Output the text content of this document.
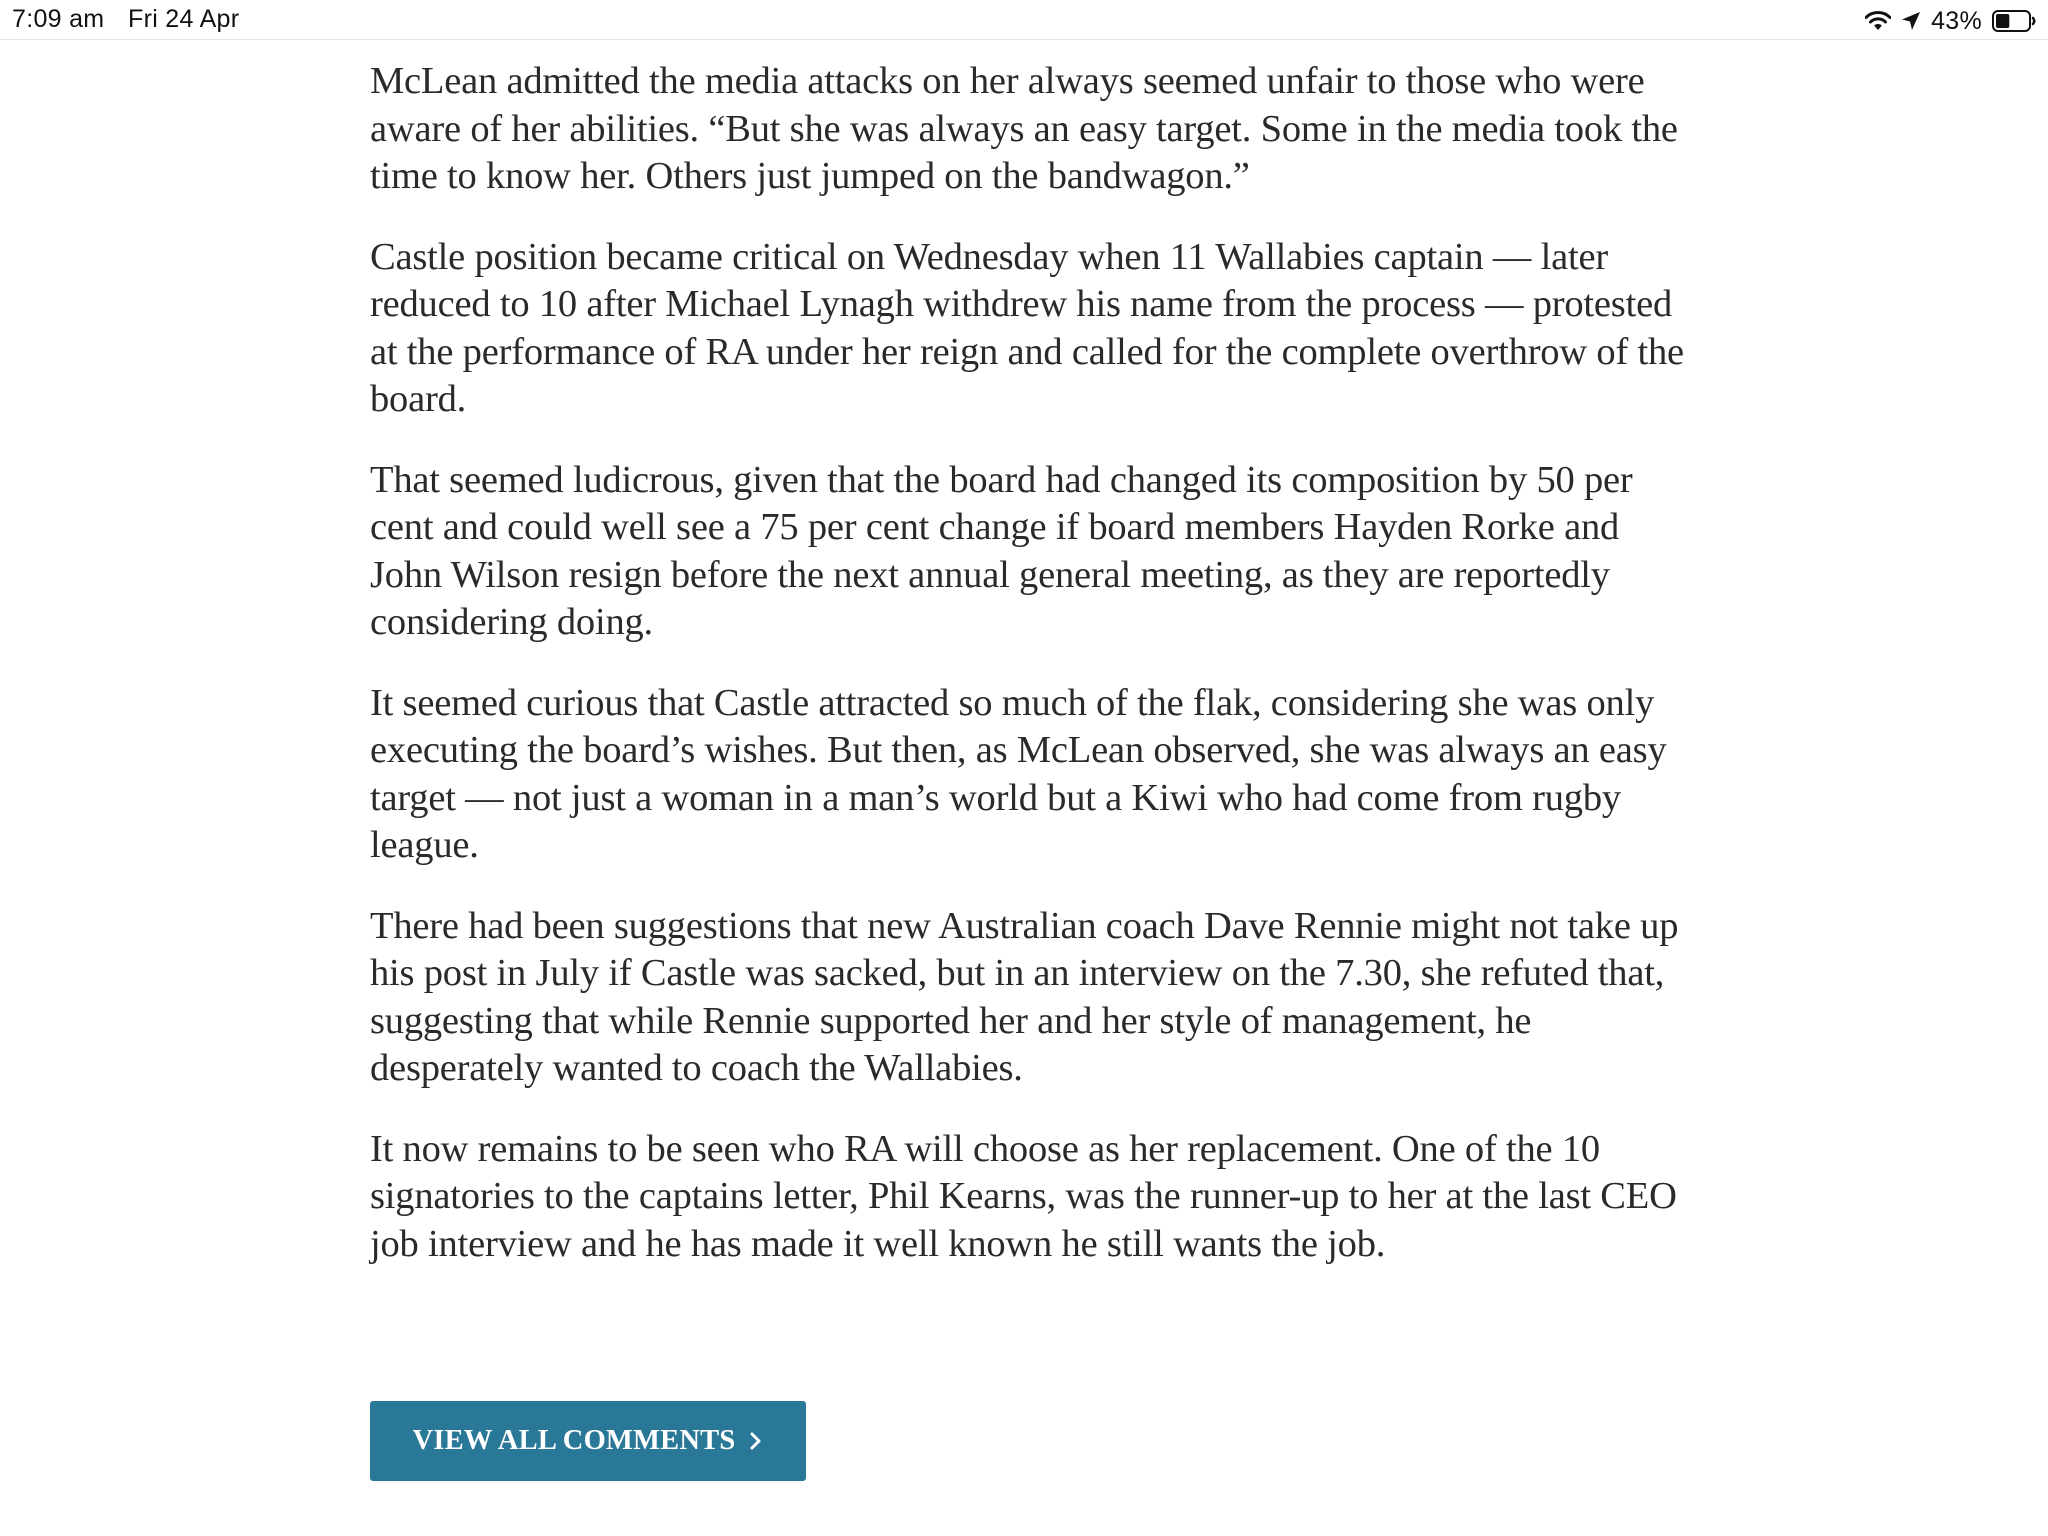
7:09 am Fri 24 Apr	43%

McLean admitted the media attacks on her always seemed unfair to those who were aware of her abilities. “But she was always an easy target. Some in the media took the time to know her. Others just jumped on the bandwagon.”

Castle position became critical on Wednesday when 11 Wallabies captain — later reduced to 10 after Michael Lynagh withdrew his name from the process — protested at the performance of RA under her reign and called for the complete overthrow of the board.

That seemed ludicrous, given that the board had changed its composition by 50 per cent and could well see a 75 per cent change if board members Hayden Rorke and John Wilson resign before the next annual general meeting, as they are reportedly considering doing.

It seemed curious that Castle attracted so much of the flak, considering she was only executing the board’s wishes. But then, as McLean observed, she was always an easy target — not just a woman in a man’s world but a Kiwi who had come from rugby league.

There had been suggestions that new Australian coach Dave Rennie might not take up his post in July if Castle was sacked, but in an interview on the 7.30, she refuted that, suggesting that while Rennie supported her and her style of management, he desperately wanted to coach the Wallabies.

It now remains to be seen who RA will choose as her replacement. One of the 10 signatories to the captains letter, Phil Kearns, was the runner-up to her at the last CEO job interview and he has made it well known he still wants the job.

VIEW ALL COMMENTS
